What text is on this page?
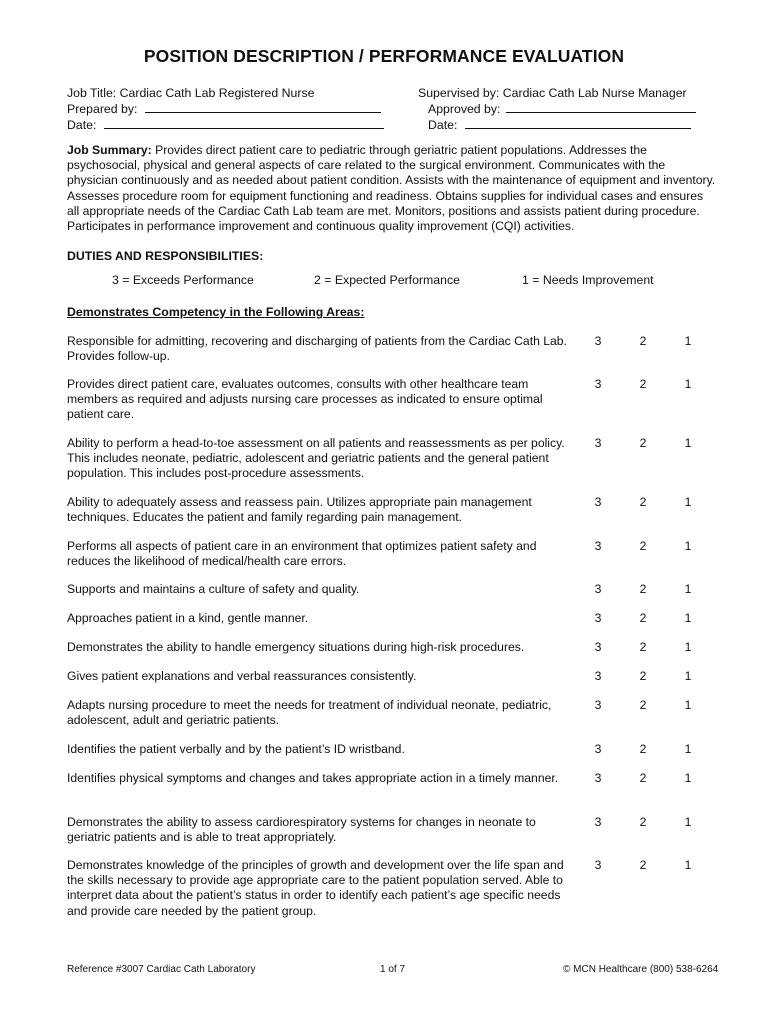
POSITION DESCRIPTION / PERFORMANCE EVALUATION
Job Title: Cardiac Cath Lab Registered Nurse	Supervised by: Cardiac Cath Lab Nurse Manager
Prepared by:	Approved by:
Date:	Date:
Job Summary: Provides direct patient care to pediatric through geriatric patient populations. Addresses the psychosocial, physical and general aspects of care related to the surgical environment. Communicates with the physician continuously and as needed about patient condition. Assists with the maintenance of equipment and inventory. Assesses procedure room for equipment functioning and readiness. Obtains supplies for individual cases and ensures all appropriate needs of the Cardiac Cath Lab team are met. Monitors, positions and assists patient during procedure. Participates in performance improvement and continuous quality improvement (CQI) activities.
DUTIES AND RESPONSIBILITIES:
3 = Exceeds Performance	2 = Expected Performance	1 = Needs Improvement
Demonstrates Competency in the Following Areas:
Responsible for admitting, recovering and discharging of patients from the Cardiac Cath Lab. Provides follow-up.
3	2	1
Provides direct patient care, evaluates outcomes, consults with other healthcare team members as required and adjusts nursing care processes as indicated to ensure optimal patient care.
3	2	1
Ability to perform a head-to-toe assessment on all patients and reassessments as per policy. This includes neonate, pediatric, adolescent and geriatric patients and the general patient population. This includes post-procedure assessments.
3	2	1
Ability to adequately assess and reassess pain. Utilizes appropriate pain management techniques. Educates the patient and family regarding pain management.
3	2	1
Performs all aspects of patient care in an environment that optimizes patient safety and reduces the likelihood of medical/health care errors.
3	2	1
Supports and maintains a culture of safety and quality.	3	2	1
Approaches patient in a kind, gentle manner.	3	2	1
Demonstrates the ability to handle emergency situations during high-risk procedures.	3	2	1
Gives patient explanations and verbal reassurances consistently.	3	2	1
Adapts nursing procedure to meet the needs for treatment of individual neonate, pediatric, adolescent, adult and geriatric patients.
3	2	1
Identifies the patient verbally and by the patient’s ID wristband.	3	2	1
Identifies physical symptoms and changes and takes appropriate action in a timely manner.	3	2	1
Demonstrates the ability to assess cardiorespiratory systems for changes in neonate to geriatric patients and is able to treat appropriately.
3	2	1
Demonstrates knowledge of the principles of growth and development over the life span and the skills necessary to provide age appropriate care to the patient population served. Able to interpret data about the patient’s status in order to identify each patient’s age specific needs and provide care needed by the patient group.
3	2	1
Reference #3007 Cardiac Cath Laboratory	1 of 7	© MCN Healthcare (800) 538-6264
